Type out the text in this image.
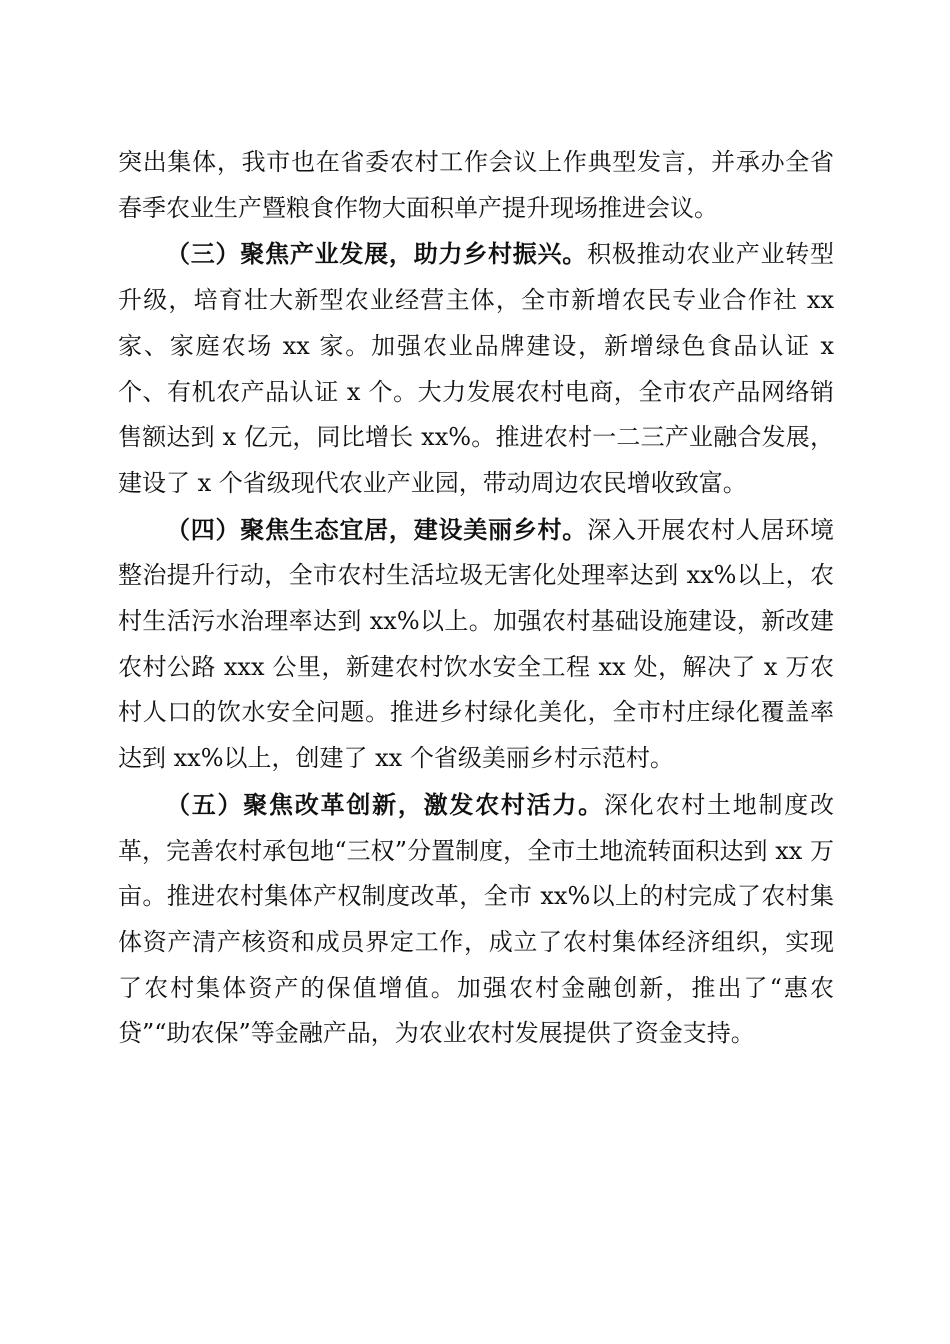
突出集体，我市也在省委农村工作会议上作典型发言，并承办全省春季农业生产暨粮食作物大面积单产提升现场推进会议。

（三）聚焦产业发展，助力乡村振兴。积极推动农业产业转型升级，培育壮大新型农业经营主体，全市新增农民专业合作社 xx 家、家庭农场 xx 家。加强农业品牌建设，新增绿色食品认证 x 个、有机农产品认证 x 个。大力发展农村电商，全市农产品网络销售额达到 x 亿元，同比增长 xx%。推进农村一二三产业融合发展，建设了 x 个省级现代农业产业园，带动周边农民增收致富。

（四）聚焦生态宜居，建设美丽乡村。深入开展农村人居环境整治提升行动，全市农村生活垃圾无害化处理率达到 xx%以上，农村生活污水治理率达到 xx%以上。加强农村基础设施建设，新改建农村公路 xxx 公里，新建农村饮水安全工程 xx 处，解决了 x 万农村人口的饮水安全问题。推进乡村绿化美化，全市村庄绿化覆盖率达到 xx%以上，创建了 xx 个省级美丽乡村示范村。

（五）聚焦改革创新，激发农村活力。深化农村土地制度改革，完善农村承包地“三权”分置制度，全市土地流转面积达到 xx 万亩。推进农村集体产权制度改革，全市 xx%以上的村完成了农村集体资产清产核资和成员界定工作，成立了农村集体经济组织，实现了农村集体资产的保值增值。加强农村金融创新，推出了“惠农贷”“助农保”等金融产品，为农业农村发展提供了资金支持。
